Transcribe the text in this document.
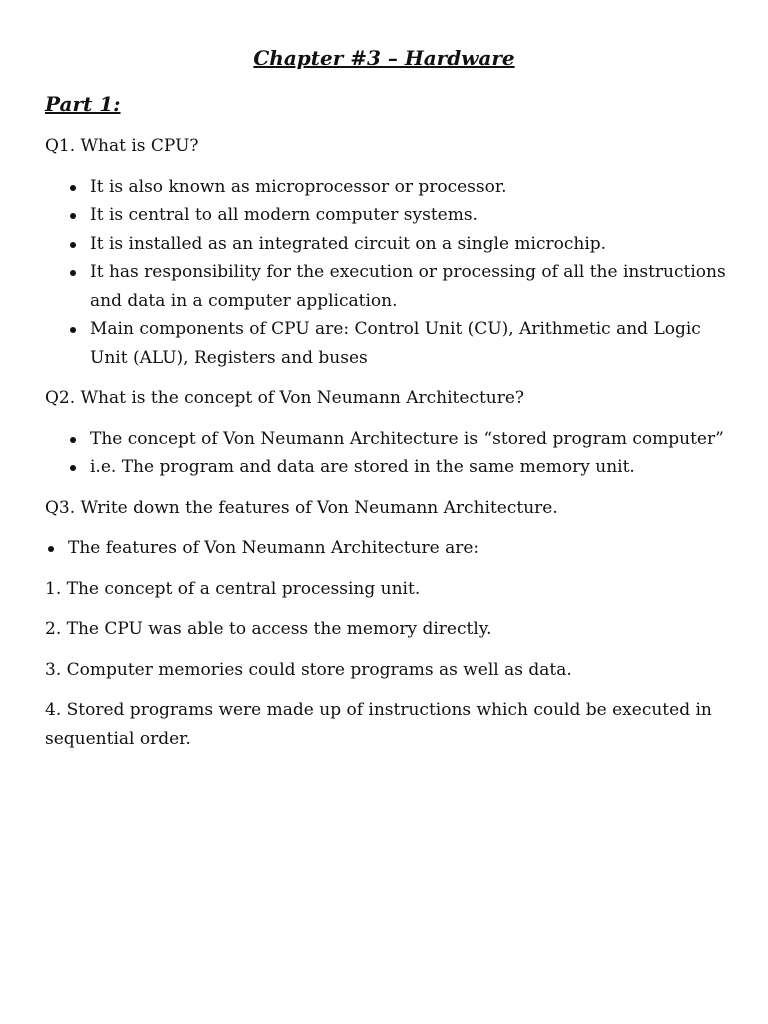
Chapter #3 – Hardware
Part 1:

Q1. What is CPU?

It is also known as microprocessor or processor.
It is central to all modern computer systems.
It is installed as an integrated circuit on a single microchip.
It has responsibility for the execution or processing of all the instructions and data in a computer application.
Main components of CPU are: Control Unit (CU), Arithmetic and Logic Unit (ALU), Registers and buses

Q2. What is the concept of Von Neumann Architecture?

The concept of Von Neumann Architecture is “stored program computer”
i.e. The program and data are stored in the same memory unit.

Q3. Write down the features of Von Neumann Architecture.

The features of Von Neumann Architecture are:

1. The concept of a central processing unit.

2. The CPU was able to access the memory directly.

3. Computer memories could store programs as well as data.

4. Stored programs were made up of instructions which could be executed in sequential order.
